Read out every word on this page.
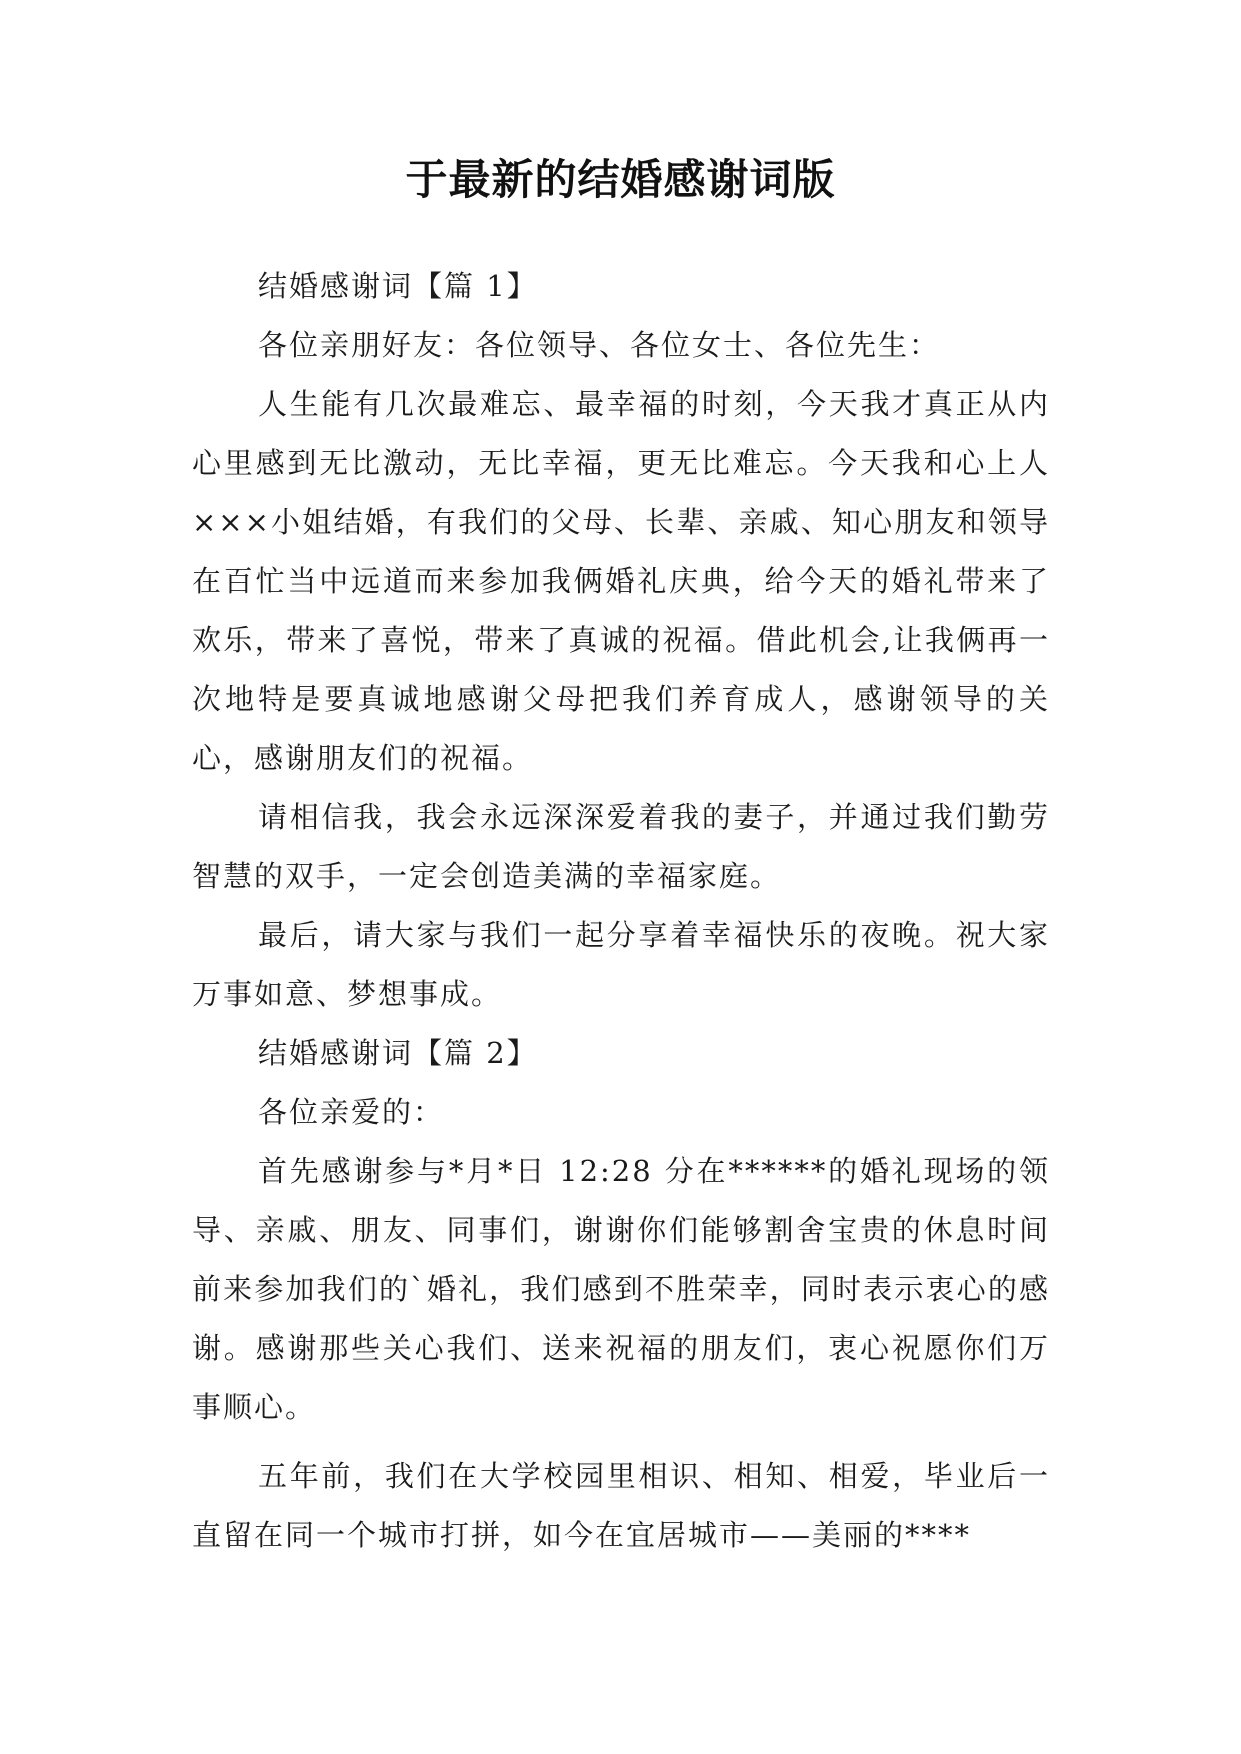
于最新的结婚感谢词版

结婚感谢词【篇 1】

各位亲朋好友：各位领导、各位女士、各位先生：

人生能有几次最难忘、最幸福的时刻，今天我才真正从内心里感到无比激动，无比幸福，更无比难忘。今天我和心上人×××小姐结婚，有我们的父母、长辈、亲戚、知心朋友和领导在百忙当中远道而来参加我俩婚礼庆典，给今天的婚礼带来了欢乐，带来了喜悦，带来了真诚的祝福。借此机会,让我俩再一次地特是要真诚地感谢父母把我们养育成人，感谢领导的关心，感谢朋友们的祝福。

请相信我，我会永远深深爱着我的妻子，并通过我们勤劳智慧的双手，一定会创造美满的幸福家庭。

最后，请大家与我们一起分享着幸福快乐的夜晚。祝大家万事如意、梦想事成。

结婚感谢词【篇 2】

各位亲爱的：

首先感谢参与*月*日 12:28 分在******的婚礼现场的领导、亲戚、朋友、同事们，谢谢你们能够割舍宝贵的休息时间前来参加我们的`婚礼，我们感到不胜荣幸，同时表示衷心的感谢。感谢那些关心我们、送来祝福的朋友们，衷心祝愿你们万事顺心。

五年前，我们在大学校园里相识、相知、相爱，毕业后一直留在同一个城市打拼，如今在宜居城市——美丽的****
